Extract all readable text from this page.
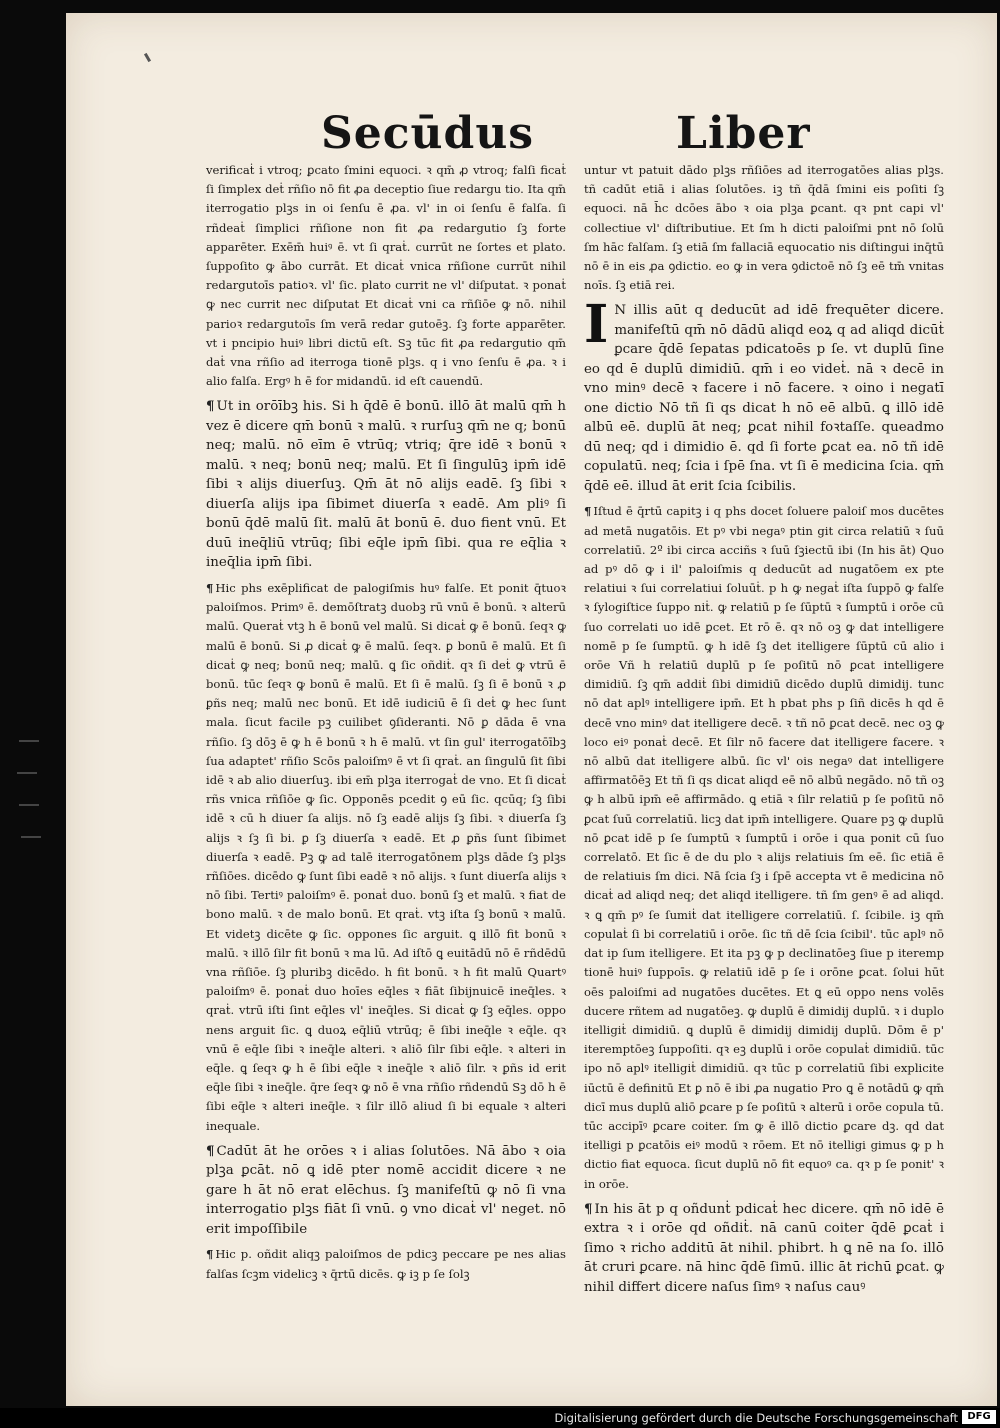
Secūdus	Liber

verificaṫ i vtroq; ꝑcato ſmini equoci. ꝛ qm̄ ꝓ vtroq; falſi ficaṫ ſi ſimplex deṫ rñſio nō fit ꝓa deceptio ſiue redargu tio. Ita qm̄ iterrogatio plꝫs in oi ſenſu ē ꝓa. vl' in oi ſenſu ē falſa. ſi rñdeaṫ ſimplici rñſione non fit ꝓa redargutio ſꝫ forte apparēter. Exēm̄ huiꝰ ē. vt ſi qraṫ. currūt ne ſortes et plato. ſuppoſito ꝙ ābo currāt. Et dicaṫ vnica rñſione currūt nihil redargutoīs patioꝛ. vl' ſic. plato currit ne vl' diſputat. ꝛ ponaṫ ꝙ nec currit nec diſputat Et dicaṫ vni ca rñſiōe ꝙ nō. nihil parioꝛ redargutoīs ſm verā redar gutoēꝫ. ſꝫ forte apparēter. vt i pncipio huiꝰ libri dictū eſt. Sꝫ tūc fit ꝓa redargutio qm̄ daṫ vna rñſio ad iterroga tionē plꝫs. q i vno ſenſu ē ꝓa. ꝛ i alio falſa. Ergꝰ h ē for midandū. id eſt cauendū.

¶ Ut in orōībꝫ his. Si h q̄dē ē bonū. illō āt malū qm̄ h vez ē dicere qm̄ bonū ꝛ malū. ꝛ rurſuꝫ qm̄ ne q; bonū neq; malū. nō eīm ē vtrūq; vtriq; q̄re idē ꝛ bonū ꝛ malū. ꝛ neq; bonū neq; malū. Et ſi ſingulūꝫ ipm̄ idē ſibi ꝛ alijs diuerſuꝫ. Qm̄ āt nō alijs eadē. ſꝫ ſibi ꝛ diuerſa alijs ipa ſibimet diuerſa ꝛ eadē. Am pliꝰ ſi bonū q̄dē malū ſit. malū āt bonū ē. duo fient vnū. Et duū ineq̄liū vtrūq; ſibi eq̄le ipm̄ ſibi. qua re eq̄lia ꝛ ineq̄lia ipm̄ ſibi.

¶ Hic phs exēplificat de palogiſmis huꝰ falſe. Et ponit q̄tuoꝛ paloiſmos. Primꝰ ē. demōſtratꝫ duobꝫ rū vnū ē bonū. ꝛ alterū malū. Queraṫ vtꝫ h ē bonū vel malū. Si dicaṫ ꝙ ē bonū. ſeqꝛ ꝙ malū ē bonū. Si ꝓ dicaṫ ꝙ ē malū. ſeqꝛ. ꝑ bonū ē malū. Et ſi dicaṫ ꝙ neq; bonū neq; malū. ꝗ ſic oñdiṫ. qꝛ ſi deṫ ꝙ vtrū ē bonū. tūc ſeqꝛ ꝙ bonū ē malū. Et ſi ē malū. ſꝫ ſi ē bonū ꝛ ꝓ ꝑñs neq; malū nec bonū. Et idē iudiciū ē ſi deṫ ꝙ hec ſunt mala. ſicut facile pꝫ cuilibet ꝯſideranti. Nō ꝑ dāda ē vna rñſio. ſꝫ dōꝫ ē ꝙ h ē bonū ꝛ h ē malū. vt ſin gul' iterrogatōībꝫ ſua adaptet' rñſio Scōs paloiſmꝰ ē vt ſi qraṫ. an ſingulū ſit ſibi idē ꝛ ab alio diuerſuꝫ. ibi em̄ plꝫa iterrogaṫ de vno. Et ſi dicaṫ rñs vnica rñſiōe ꝙ ſic. Opponēs pcedit ꝯ eū ſic. qcūq; ſꝫ ſibi idē ꝛ cū h diuer ſa alijs. nō ſꝫ eadē alijs ſꝫ ſibi. ꝛ diuerſa ſꝫ alijs ꝛ ſꝫ ſi bi. ꝑ ſꝫ diuerſa ꝛ eadē. Et ꝓ ꝑñs ſunt ſibimet diuerſa ꝛ eadē. Pꝫ ꝙ ad talē iterrogatōnem plꝫs dāde ſꝫ plꝫs rñſiōes. dicēdo ꝙ ſunt ſibi eadē ꝛ nō alijs. ꝛ ſunt diuerſa alijs ꝛ nō ſibi. Tertiꝰ paloiſmꝰ ē. ponaṫ duo. bonū ſꝫ et malū. ꝛ fiat de bono malū. ꝛ de malo bonū. Et qraṫ. vtꝫ iſta ſꝫ bonū ꝛ malū. Et videtꝫ dicēte ꝙ ſic. oppones ſic arguit. ꝗ illō fit bonū ꝛ malū. ꝛ illō ſilr fit bonū ꝛ ma lū. Ad iſtō ꝗ euitādū nō ē rñdēdū vna rñſiōe. ſꝫ pluribꝫ dicēdo. h fit bonū. ꝛ h fit malū Quartꝰ paloiſmꝰ ē. ponaṫ duo hoīes eq̄les ꝛ fiāt ſibijnuicē ineq̄les. ꝛ qraṫ. vtrū iſti ſint eq̄les vl' ineq̄les. Si dicaṫ ꝙ ſꝫ eq̄les. oppo nens arguit ſic. ꝗ duoꝝ eq̄liū vtrūq; ē ſibi ineq̄le ꝛ eq̄le. qꝛ vnū ē eq̄le ſibi ꝛ ineq̄le alteri. ꝛ aliō ſilr ſibi eq̄le. ꝛ alteri in eq̄le. ꝗ ſeqꝛ ꝙ h ē ſibi eq̄le ꝛ ineq̄le ꝛ aliō ſilr. ꝛ ꝑñs id erit eq̄le ſibi ꝛ ineq̄le. q̄re ſeqꝛ ꝙ nō ē vna rñſio rñdendū Sꝫ dō h ē ſibi eq̄le ꝛ alteri ineq̄le. ꝛ ſilr illō aliud ſi bi equale ꝛ alteri inequale.

¶ Cadūt āt he orōes ꝛ i alias ſolutōes. Nā ābo ꝛ oia plꝫa ꝑcāt. nō ꝗ idē pter nomē accidit dicere ꝛ ne gare h āt nō erat elēchus. ſꝫ manifeſtū ꝙ nō ſi vna interrogatio plꝫs fiāt ſi vnū. ꝯ vno dicaṫ vl' neget. nō erit impoſſibile

¶ Hic p. oñdit aliqꝫ paloiſmos de pdicꝫ peccare pe nes alias falſas ſcꝫm videlicꝫ ꝛ q̄rtū dicēs. ꝙ iꝫ p ſe ſolꝫ

untur vt patuit dādo plꝫs rñſiōes ad iterrogatōes alias plꝫs. tñ cadūt etiā i alias ſolutōes. iꝫ tñ q̄dā ſmini eis poſiti ſꝫ equoci. nā h̄c dcōes ābo ꝛ oia plꝫa ꝑcant. qꝛ pnt capi vl' collectiue vl' diſtributiue. Et ſm h dicti paloiſmi pnt nō ſolū ſm hāc falſam. ſꝫ etiā ſm fallaciā equocatio nis diſtingui inq̄tū nō ē in eis ꝓa ꝯdictio. eo ꝙ in vera ꝯdictoē nō ſꝫ eē tm̄ vnitas noīs. ſꝫ etiā rei.

I N illis aūt q deducūt ad idē frequēter dicere. manifeſtū qm̄ nō dādū aliqd eoꝝ q ad aliqd dicūṫ ꝑcare q̄dē ſepatas pdicatoēs p ſe. vt duplū ſine eo qd ē duplū dimidiū. qm̄ i eo videṫ. nā ꝛ decē in vno minꝰ decē ꝛ facere i nō facere. ꝛ oino i negatī one dictio Nō tñ ſi qs dicat h nō eē albū. ꝗ illō idē albū eē. duplū āt neq; ꝑcat nihil foꝛtaſſe. queadmo dū neq; qd i dimidio ē. qd ſi forte ꝑcat ea. nō tñ idē copulatū. neq; ſcia i ſpē ſna. vt ſi ē medicina ſcia. qm̄ q̄dē eē. illud āt erit ſcia ſcibilis.

¶ Iſtud ē q̄rtū capitꝫ i q phs docet ſoluere paloiſ mos ducētes ad metā nugatōis. Et pꝰ vbi negaꝰ ptin git circa relatiū ꝛ ſuū correlatiū. 2º ibi circa acciñs ꝛ ſuū ſꝫiectū ibi (In his āt) Quo ad pꝰ dō ꝙ i il' paloiſmis q deducūt ad nugatōem ex pte relatiui ꝛ ſui correlatiui ſoluūṫ. p h ꝙ negaṫ iſta ſuppō ꝙ falſe ꝛ ſylogiſtice ſuppo niṫ. ꝙ relatiū p ſe ſūptū ꝛ ſumptū i orōe cū ſuo correlati uo idē ꝑcet. Et rō ē. qꝛ nō oꝫ ꝙ dat intelligere nomē p ſe ſumptū. ꝙ h idē ſꝫ det itelligere ſūptū cū alio i orōe Vñ h relatiū duplū p ſe poſitū nō ꝑcat intelligere dimidiū. ſꝫ qm̄ addiṫ ſibi dimidiū dicēdo duplū dimidij. tunc nō dat aplꝰ intelligere ipm̄. Et h pbat phs p ſiñ dicēs h qd ē decē vno minꝰ dat itelligere decē. ꝛ tñ nō ꝑcat decē. nec oꝫ ꝙ loco eiꝰ ponaṫ decē. Et ſilr nō facere dat itelligere facere. ꝛ nō albū dat itelligere albū. ſic vl' ois negaꝰ dat intelligere affirmatōēꝫ Et tñ ſi qs dicat aliqd eē nō albū negādo. nō tñ oꝫ ꝙ h albū ipm̄ eē affirmādo. ꝗ etiā ꝛ ſilr relatiū p ſe poſitū nō ꝑcat ſuū correlatiū. licꝫ dat ipm̄ intelligere. Quare pꝫ ꝙ duplū nō ꝑcat idē p ſe ſumptū ꝛ ſumptū i orōe i qua ponit cū ſuo correlatō. Et ſic ē de du plo ꝛ alijs relatiuis ſm eē. ſic etiā ē de relatiuis ſm dici. Nā ſcia ſꝫ i ſpē accepta vt ē medicina nō dicaṫ ad aliqd neq; det aliqd itelligere. tñ ſm genꝰ ē ad aliqd. ꝛ ꝗ qm̄ pꝰ ſe ſumiṫ dat itelligere correlatiū. ſ. ſcibile. iꝫ qm̄ copulaṫ ſi bi correlatiū i orōe. ſic tñ dē ſcia ſcibil'. tūc aplꝰ nō dat ip ſum itelligere. Et ita pꝫ ꝙ p declinatōeꝫ ſiue p iteremp tionē huiꝰ ſuppoīs. ꝙ relatiū idē p ſe i orōne ꝑcat. ſolui hūt oēs paloiſmi ad nugatōes ducētes. Et ꝗ eū oppo nens volēs ducere rñtem ad nugatōeꝫ. ꝙ duplū ē dimidij duplū. ꝛ i duplo itelligiṫ dimidiū. ꝗ duplū ē dimidij dimidij duplū. Dōm ē p' iteremptōeꝫ ſuppoſiti. qꝛ eꝫ duplū i orōe copulaṫ dimidiū. tūc ipo nō aplꝰ itelligiṫ dimidiū. qꝛ tūc p correlatiū ſibi explicite iūctū ē definitū Et ꝑ nō ē ibi ꝓa nugatio Pro ꝗ ē notādū ꝙ qm̄ dicī mus duplū aliō ꝑcare p ſe poſitū ꝛ alterū i orōe copula tū. tūc accipīꝰ ꝑcare coiter. ſm ꝙ ē illō dictio ꝑcare dꝫ. qd dat itelligi p ꝑcatōis eiꝰ modū ꝛ rōem. Et nō itelligi gimus ꝙ p h dictio fiat equoca. ſicut duplū nō fit equoꝰ ca. qꝛ p ſe ponit' ꝛ in orōe.

¶ In his āt p q oñdunṫ pdicaṫ hec dicere. qm̄ nō idē ē extra ꝛ i orōe qd oñdiṫ. nā canū coiter q̄dē ꝑcaṫ i ſimo ꝛ richo additū āt nihil. phibrt. h ꝗ nē na ſo. illō āt cruri ꝑcare. nā hinc q̄dē ſimū. illic āt richū ꝑcat. ꝙ nihil differt dicere naſus ſimꝰ ꝛ naſus cauꝰ

Digitalisierung gefördert durch die Deutsche Forschungsgemeinschaft DFG
